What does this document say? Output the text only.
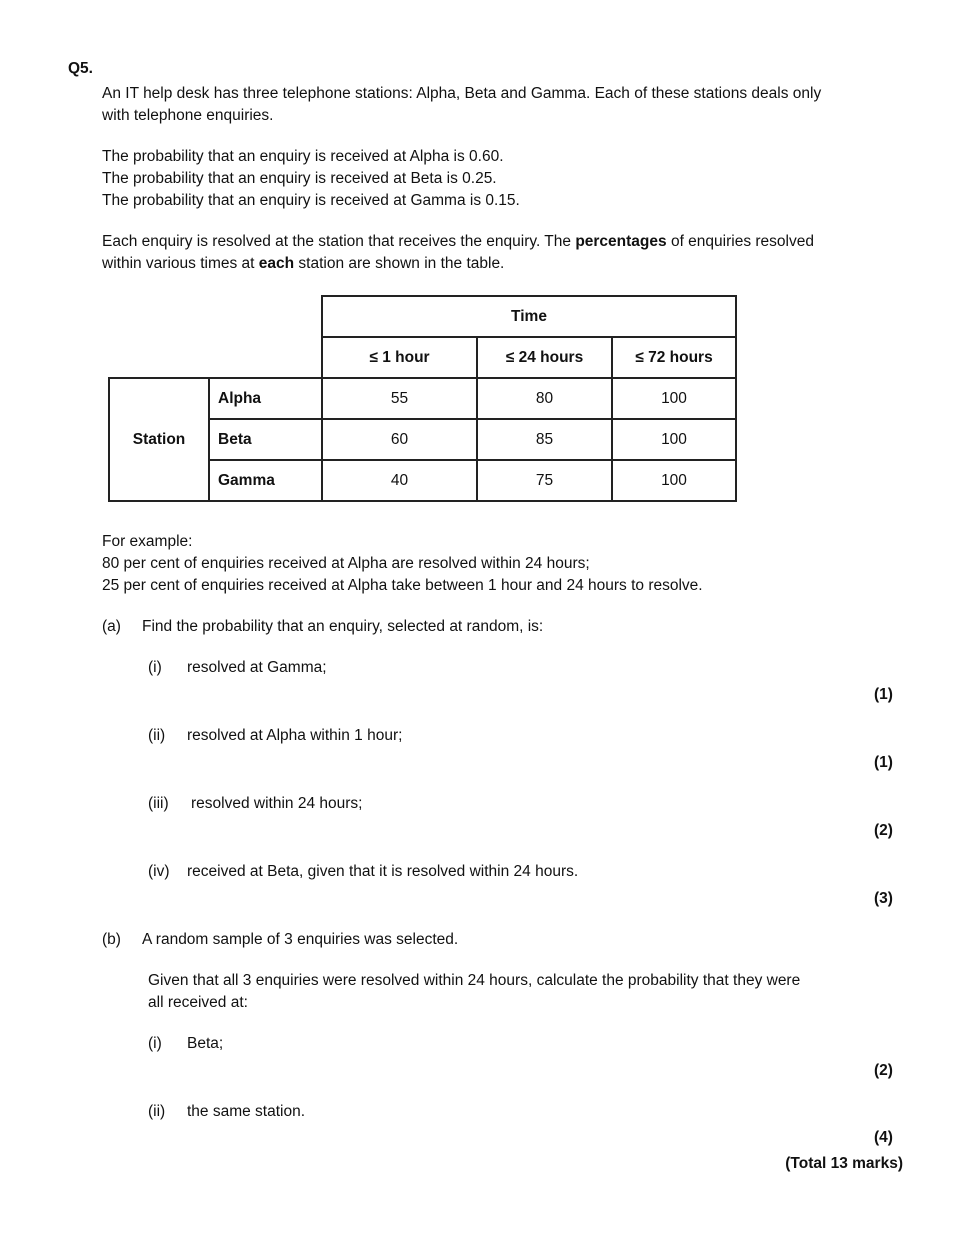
Q5.
An IT help desk has three telephone stations: Alpha, Beta and Gamma. Each of these stations deals only
with telephone enquiries.
The probability that an enquiry is received at Alpha is 0.60.
The probability that an enquiry is received at Beta is 0.25.
The probability that an enquiry is received at Gamma is 0.15.
Each enquiry is resolved at the station that receives the enquiry. The percentages of enquiries resolved
within various times at each station are shown in the table.
		Time		
		≤ 1 hour	≤ 24 hours	≤ 72 hours
Station	Alpha	55	80	100
	Beta	60	85	100
	Gamma	40	75	100
For example:
80 per cent of enquiries received at Alpha are resolved within 24 hours;
25 per cent of enquiries received at Alpha take between 1 hour and 24 hours to resolve.
(a) Find the probability that an enquiry, selected at random, is:
(i) resolved at Gamma;
(1)
(ii) resolved at Alpha within 1 hour;
(1)
(iii) resolved within 24 hours;
(2)
(iv) received at Beta, given that it is resolved within 24 hours.
(3)
(b) A random sample of 3 enquiries was selected.
Given that all 3 enquiries were resolved within 24 hours, calculate the probability that they were
all received at:
(i) Beta;
(2)
(ii) the same station.
(4)
(Total 13 marks)
